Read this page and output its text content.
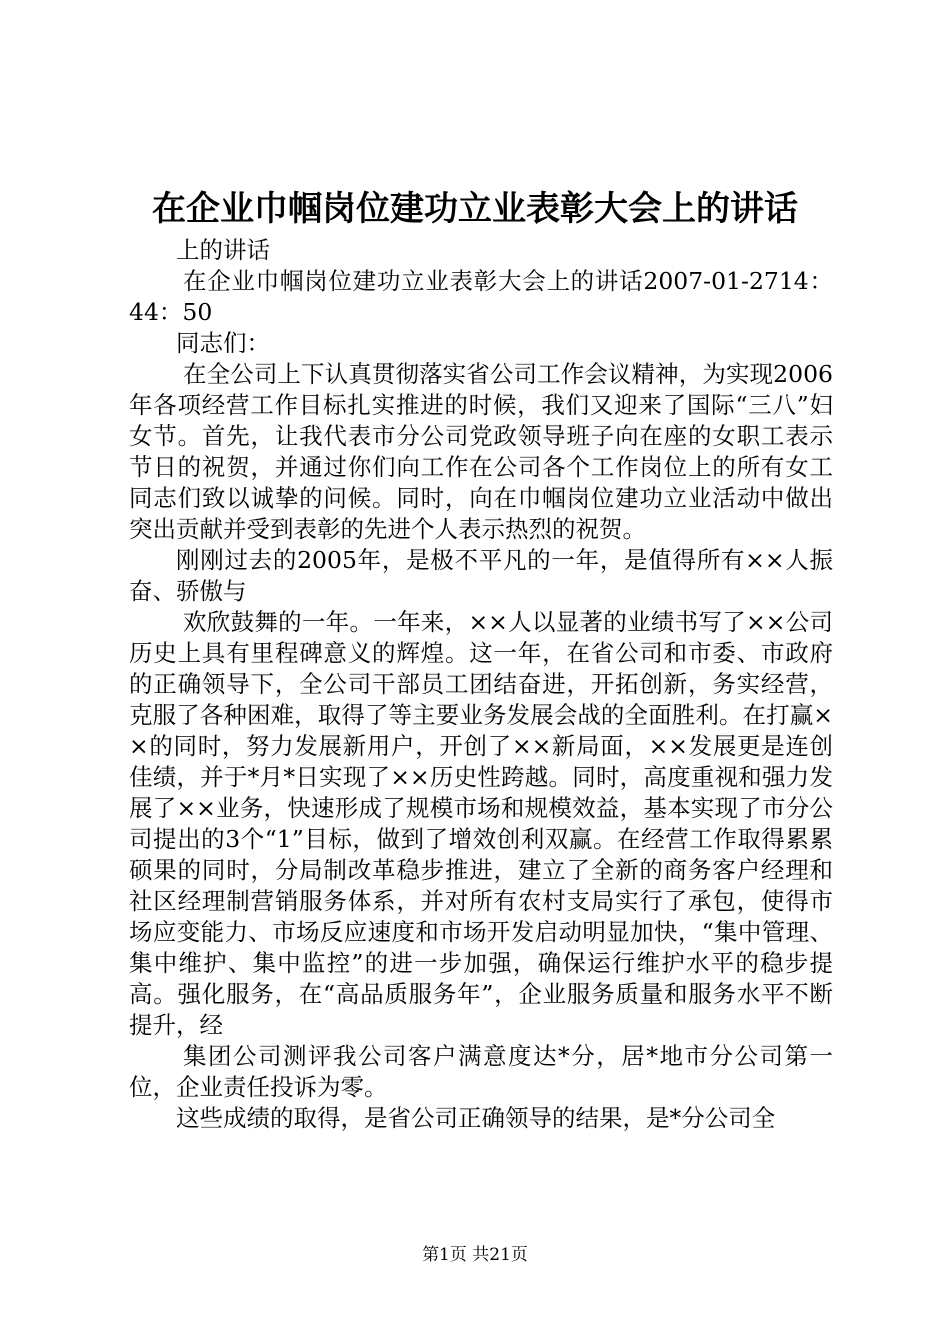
在企业巾帼岗位建功立业表彰大会上的讲话

上的讲话

在企业巾帼岗位建功立业表彰大会上的讲话2007-01-2714：44：50

同志们：

在全公司上下认真贯彻落实省公司工作会议精神，为实现2006年各项经营工作目标扎实推进的时候，我们又迎来了国际“三八”妇女节。首先，让我代表市分公司党政领导班子向在座的女职工表示节日的祝贺，并通过你们向工作在公司各个工作岗位上的所有女工同志们致以诚挚的问候。同时，向在巾帼岗位建功立业活动中做出突出贡献并受到表彰的先进个人表示热烈的祝贺。

刚刚过去的2005年，是极不平凡的一年，是值得所有××人振奋、骄傲与

欢欣鼓舞的一年。一年来，××人以显著的业绩书写了××公司历史上具有里程碑意义的辉煌。这一年，在省公司和市委、市政府的正确领导下，全公司干部员工团结奋进，开拓创新，务实经营，克服了各种困难，取得了等主要业务发展会战的全面胜利。在打赢××的同时，努力发展新用户，开创了××新局面，××发展更是连创佳绩，并于*月*日实现了××历史性跨越。同时，高度重视和强力发展了××业务，快速形成了规模市场和规模效益，基本实现了市分公司提出的3个“1”目标，做到了增效创利双赢。在经营工作取得累累硕果的同时，分局制改革稳步推进，建立了全新的商务客户经理和社区经理制营销服务体系，并对所有农村支局实行了承包，使得市场应变能力、市场反应速度和市场开发启动明显加快，“集中管理、集中维护、集中监控”的进一步加强，确保运行维护水平的稳步提高。强化服务，在“高品质服务年”，企业服务质量和服务水平不断提升，经

集团公司测评我公司客户满意度达*分，居*地市分公司第一位，企业责任投诉为零。

这些成绩的取得，是省公司正确领导的结果，是*分公司全

第1页 共21页
